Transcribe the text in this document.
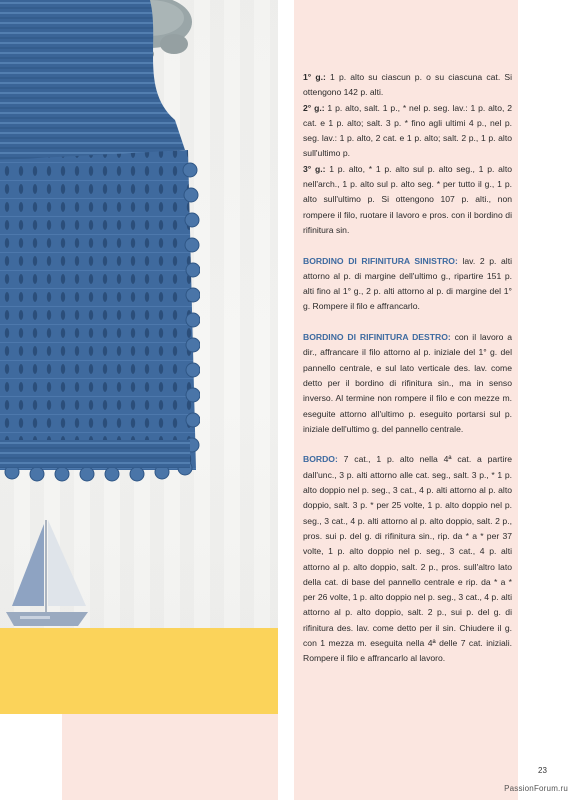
1° g.: 1 p. alto su ciascun p. o su ciascuna cat. Si ottengono 142 p. alti.

2° g.: 1 p. alto, salt. 1 p., * nel p. seg. lav.: 1 p. alto, 2 cat. e 1 p. alto; salt. 3 p. * fino agli ultimi 4 p., nel p. seg. lav.: 1 p. alto, 2 cat. e 1 p. alto; salt. 2 p., 1 p. alto sull'ultimo p.

3° g.: 1 p. alto, * 1 p. alto sul p. alto seg., 1 p. alto nell'arch., 1 p. alto sul p. alto seg. * per tutto il g., 1 p. alto sull'ultimo p. Si ottengono 107 p. alti., non rompere il filo, ruotare il lavoro e pros. con il bordino di rifinitura sin.

BORDINO DI RIFINITURA SINISTRO: lav. 2 p. alti attorno al p. di margine dell'ultimo g., ripartire 151 p. alti fino al 1° g., 2 p. alti attorno al p. di margine del 1° g. Rompere il filo e affrancarlo.

BORDINO DI RIFINITURA DESTRO: con il lavoro a dir., affrancare il filo attorno al p. iniziale del 1° g. del pannello centrale, e sul lato verticale des. lav. come detto per il bordino di rifinitura sin., ma in senso inverso. Al termine non rompere il filo e con mezze m. eseguite attorno all'ultimo p. eseguito portarsi sul p. iniziale dell'ultimo g. del pannello centrale.

BORDO: 7 cat., 1 p. alto nella 4ª cat. a partire dall'unc., 3 p. alti attorno alle cat. seg., salt. 3 p., * 1 p. alto doppio nel p. seg., 3 cat., 4 p. alti attorno al p. alto doppio, salt. 3 p. * per 25 volte, 1 p. alto doppio nel p. seg., 3 cat., 4 p. alti attorno al p. alto doppio, salt. 2 p., pros. sui p. del g. di rifinitura sin., rip. da * a * per 37 volte, 1 p. alto doppio nel p. seg., 3 cat., 4 p. alti attorno al p. alto doppio, salt. 2 p., pros. sull'altro lato della cat. di base del pannello centrale e rip. da * a * per 26 volte, 1 p. alto doppio nel p. seg., 3 cat., 4 p. alti attorno al p. alto doppio, salt. 2 p., sui p. del g. di rifinitura des. lav. come detto per il sin. Chiudere il g. con 1 mezza m. eseguita nella 4ª delle 7 cat. iniziali. Rompere il filo e affrancarlo al lavoro.

23
PassionForum.ru
